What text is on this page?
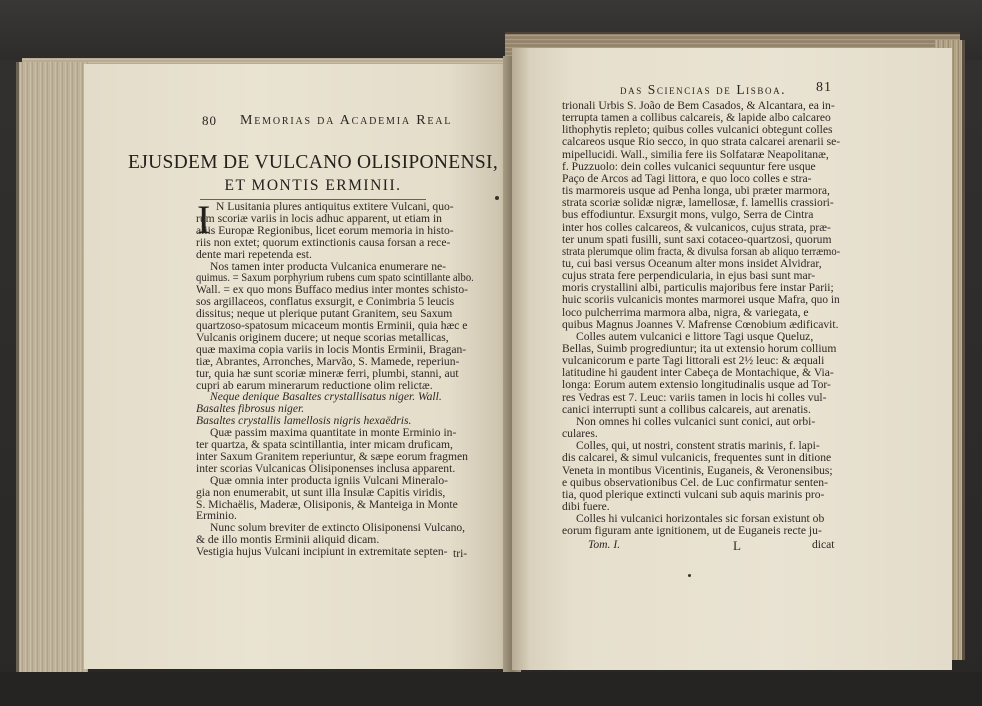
80 Memorias da Academia Real
EJUSDEM DE VULCANO OLISIPONENSI,
ET MONTIS ERMINII.
I N Lusitania plures antiquitus extitere Vulcani, quo-
rum scoriæ variis in locis adhuc apparent, ut etiam in
aliis Europæ Regionibus, licet eorum memoria in histo-
riis non extet; quorum extinctionis causa forsan a rece-
dente mari repetenda est.
Nos tamen inter producta Vulcanica enumerare ne-
quimus. = Saxum porphyrium rubens cum spato scintillante albo.
Wall. = ex quo mons Buffaco medius inter montes schisto-
sos argillaceos, conflatus exsurgit, e Conimbria 5 leucis
dissitus; neque ut plerique putant Granitem, seu Saxum
quartzoso-spatosum micaceum montis Erminii, quia hæc e
Vulcanis originem ducere; ut neque scorias metallicas,
quæ maxima copia variis in locis Montis Erminii, Bragan-
tiæ, Abrantes, Arronches, Marvão, S. Mamede, reperiun-
tur, quia hæ sunt scoriæ mineræ ferri, plumbi, stanni, aut
cupri ab earum minerarum reductione olim relictæ.
Neque denique Basaltes crystallisatus niger. Wall.
Basaltes fibrosus niger.
Basaltes crystallis lamellosis nigris hexaëdris.
Quæ passim maxima quantitate in monte Erminio in-
ter quartza, & spata scintillantia, inter micam druficam,
inter Saxum Granitem reperiuntur, & sæpe eorum fragmen
inter scorias Vulcanicas Olisiponenses inclusa apparent.
Quæ omnia inter producta igniis Vulcani Mineralo-
gia non enumerabit, ut sunt illa Insulæ Capitis viridis,
S. Michaëlis, Maderæ, Olisiponis, & Manteiga in Monte
Erminio.
Nunc solum breviter de extincto Olisiponensi Vulcano,
& de illo montis Erminii aliquid dicam.
Vestigia hujus Vulcani incipiunt in extremitate septen- tri-
das Sciencias de Lisboa. 81
trionali Urbis S. João de Bem Casados, & Alcantara, ea in-
terrupta tamen a collibus calcareis, & lapide albo calcareo
lithophytis repleto; quibus colles vulcanici obtegunt colles
calcareos usque Rio secco, in quo strata calcarei arenarii se-
mipellucidi. Wall., similia fere iis Solfataræ Neapolitanæ,
f. Puzzuolo: dein colles vulcanici sequuntur fere usque
Paço de Arcos ad Tagi littora, e quo loco colles e stra-
tis marmoreis usque ad Penha longa, ubi præter marmora,
strata scoriæ solidæ nigræ, lamellosæ, f. lamellis crassiori-
bus effodiuntur. Exsurgit mons, vulgo, Serra de Cintra
inter hos colles calcareos, & vulcanicos, cujus strata, præ-
ter unum spati fusilli, sunt saxi cotaceo-quartzosi, quorum
strata plerumque olim fracta, & divulsa forsan ab aliquo terræmo-
tu, cui basi versus Oceanum alter mons insidet Alvidrar,
cujus strata fere perpendicularia, in ejus basi sunt mar-
moris crystallini albi, particulis majoribus fere instar Parii;
huic scoriis vulcanicis montes marmorei usque Mafra, quo in
loco pulcherrima marmora alba, nigra, & variegata, e
quibus Magnus Joannes V. Mafrense Cœnobium ædificavit.
Colles autem vulcanici e littore Tagi usque Queluz,
Bellas, Suimb progrediuntur; ita ut extensio horum collium
vulcanicorum e parte Tagi littorali est 2½ leuc: & æquali
latitudine hi gaudent inter Cabeça de Montachique, & Via-
longa: Eorum autem extensio longitudinalis usque ad Tor-
res Vedras est 7. Leuc: variis tamen in locis hi colles vul-
canici interrupti sunt a collibus calcareis, aut arenatis.
Non omnes hi colles vulcanici sunt conici, aut orbi-
culares.
Colles, qui, ut nostri, constent stratis marinis, f. lapi-
dis calcarei, & simul vulcanicis, frequentes sunt in ditione
Veneta in montibus Vicentinis, Euganeis, & Veronensibus;
e quibus observationibus Cel. de Luc confirmatur senten-
tia, quod plerique extincti vulcani sub aquis marinis pro-
dibi fuere.
Colles hi vulcanici horizontales sic forsan existunt ob
eorum figuram ante ignitionem, ut de Euganeis recte ju-
Tom. I.	L	dicat
